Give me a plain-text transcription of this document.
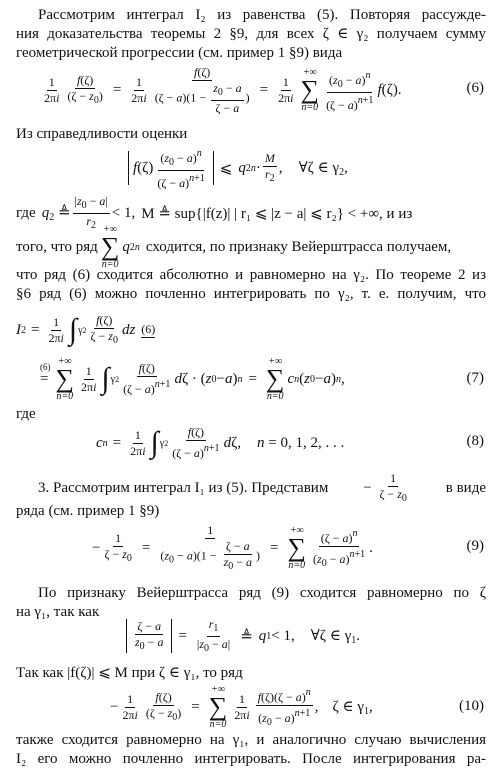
Рассмотрим интеграл I₂ из равенства (5). Повторяя рассужде-
ния доказательства теоремы 2 §9, для всех ζ ∈ γ₂ получаем сумму
геометрической прогрессии (см. пример 1 §9) вида
$\frac{1}{2\pi i} \frac{f(\zeta)}{(\zeta - z_0)} = \frac{1}{2\pi i} \frac{f(\zeta)}{(\zeta - a)(1 - \frac{z_0 - a}{\zeta - a} )} = \frac{1}{2\pi i}$
+∞
∑
$n=0 \frac{(z_0 - a)^n}{(\zeta - a)^{n+1}}$ f (ζ).	(6)
Из справедливости оценки
f $(\zeta) \frac{(z_0 - a)^n}{(\zeta - a)^{n+1}}$ ⩽ q 2 $n \cdot \frac{M}{r_2}$ , ∀ζ ∈ $\gamma_2$,
где $q_2$ ≜ $\frac{|z_0 - a|}{r_2} < 1$, M ≜ sup{|f(z)| | r₁ ⩽ |z − a| ⩽ r₂} < +∞, и из
того, что ряд
+∞
∑
n=0
q 2 n сходится, по признаку Вейерштрасса получаем,
что ряд (6) сходится абсолютно и равномерно на γ₂. По теореме 2 из
§6 ряд (6) можно почленно интегрировать по γ₂, т. е. получим, что
I $2 = \frac{1}{2\pi i}$ ∫ $\gamma 2 \frac{f(\zeta)}{\zeta - z_0}$ dz (6)
(6)
=
+∞
∑
n=0
$\frac{1}{2\pi i}$ ∫ $\gamma 2 \frac{f(\zeta)}{(\zeta - a)^{n+1}}$ d ζ · ( z 0 − a ) n =
+∞
∑
n=0
c n ( z 0 − a ) n ,	(7)
где
c $n = \frac{1}{2\pi i}$ ∫ $\gamma 2 \frac{f(\zeta)}{(\zeta - a)^{n+1}}$ d ζ, n = 0, 1, 2, . . .	(8)
3. Рассмотрим интеграл I₁ из (5). Представим − $\frac{1}{\zeta - z_0}$ в виде
ряда (см. пример 1 §9)
− $\frac{1}{\zeta - z_0} = \frac{1}{(z_0 - a)(1 - \frac{\zeta - a}{z_0 - a} )}$ =
+∞
∑
$n=0 \frac{(\zeta - a)^n}{(z_0 - a)^{n+1}}$ .	(9)
По признаку Вейерштрасса ряд (9) сходится равномерно по ζ
на γ₁, так как
$\frac{\zeta - a}{z_0 - a} = \frac{r_1}{|z_0 - a|}$ ≜ q 1 < 1, ∀ζ ∈ $\gamma_1$.
Так как |f(ζ)| ⩽ M при ζ ∈ γ₁, то ряд
− $\frac{1}{2\pi i} \frac{f(\zeta)}{(\zeta - z_0)}$ =
+∞
∑
n=0
$\frac{1}{2\pi i} \frac{f(\zeta)(\zeta - a)^n}{(z_0 - a)^{n+1}}$ , ζ ∈ $\gamma_1$,	(10)
также сходится равномерно на γ₁, и аналогично случаю вычисления
I₂ его можно почленно интегрировать. После интегрирования ра-
